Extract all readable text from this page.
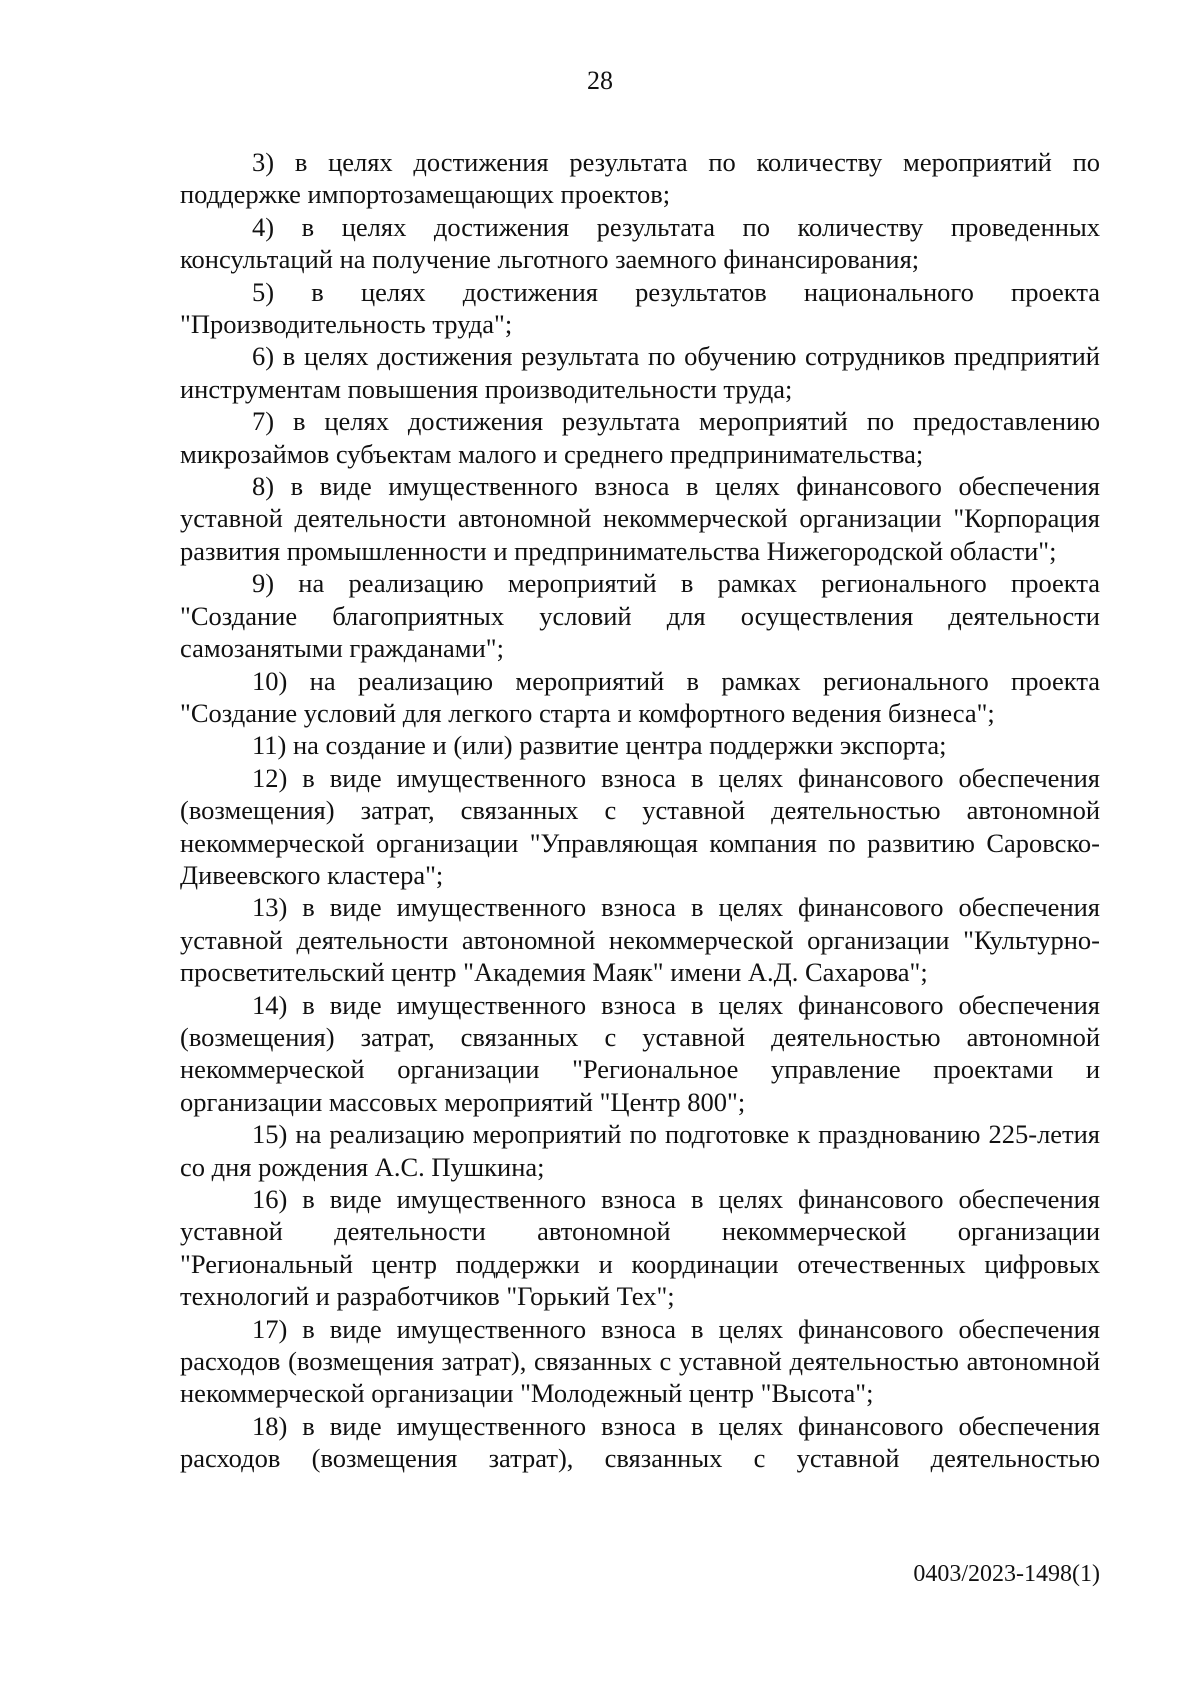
28

3) в целях достижения результата по количеству мероприятий по поддержке импортозамещающих проектов;

4) в целях достижения результата по количеству проведенных консультаций на получение льготного заемного финансирования;

5) в целях достижения результатов национального проекта "Производительность труда";

6) в целях достижения результата по обучению сотрудников предприятий инструментам повышения производительности труда;

7) в целях достижения результата мероприятий по предоставлению микрозаймов субъектам малого и среднего предпринимательства;

8) в виде имущественного взноса в целях финансового обеспечения уставной деятельности автономной некоммерческой организации "Корпорация развития промышленности и предпринимательства Нижегородской области";

9) на реализацию мероприятий в рамках регионального проекта "Создание благоприятных условий для осуществления деятельности самозанятыми гражданами";

10) на реализацию мероприятий в рамках регионального проекта "Создание условий для легкого старта и комфортного ведения бизнеса";

11) на создание и (или) развитие центра поддержки экспорта;

12) в виде имущественного взноса в целях финансового обеспечения (возмещения) затрат, связанных с уставной деятельностью автономной некоммерческой организации "Управляющая компания по развитию Саровско-Дивеевского кластера";

13) в виде имущественного взноса в целях финансового обеспечения уставной деятельности автономной некоммерческой организации "Культурно-просветительский центр "Академия Маяк" имени А.Д. Сахарова";

14) в виде имущественного взноса в целях финансового обеспечения (возмещения) затрат, связанных с уставной деятельностью автономной некоммерческой организации "Региональное управление проектами и организации массовых мероприятий "Центр 800";

15) на реализацию мероприятий по подготовке к празднованию 225-летия со дня рождения А.С. Пушкина;

16) в виде имущественного взноса в целях финансового обеспечения уставной деятельности автономной некоммерческой организации "Региональный центр поддержки и координации отечественных цифровых технологий и разработчиков "Горький Тех";

17) в виде имущественного взноса в целях финансового обеспечения расходов (возмещения затрат), связанных с уставной деятельностью автономной некоммерческой организации "Молодежный центр "Высота";

18) в виде имущественного взноса в целях финансового обеспечения расходов (возмещения затрат), связанных с уставной деятельностью

0403/2023-1498(1)
